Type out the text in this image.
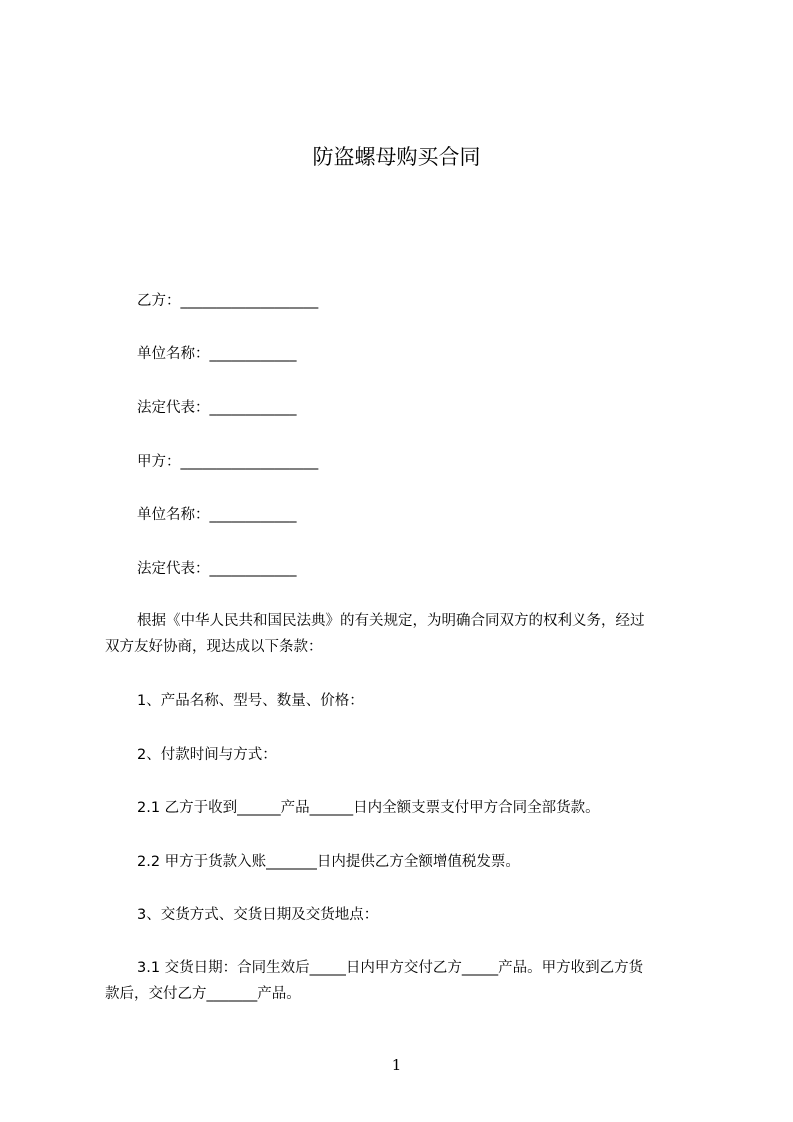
防盗螺母购买合同

乙方：___________________

单位名称：____________

法定代表：____________

甲方：___________________

单位名称：____________

法定代表：____________

根据《中华人民共和国民法典》的有关规定，为明确合同双方的权利义务，经过
双方友好协商，现达成以下条款：

1、产品名称、型号、数量、价格：

2、付款时间与方式：

2.1 乙方于收到______产品______日内全额支票支付甲方合同全部货款。

2.2 甲方于货款入账_______日内提供乙方全额增值税发票。

3、交货方式、交货日期及交货地点：

3.1 交货日期：合同生效后_____日内甲方交付乙方_____产品。甲方收到乙方货
款后，交付乙方_______产品。

1
